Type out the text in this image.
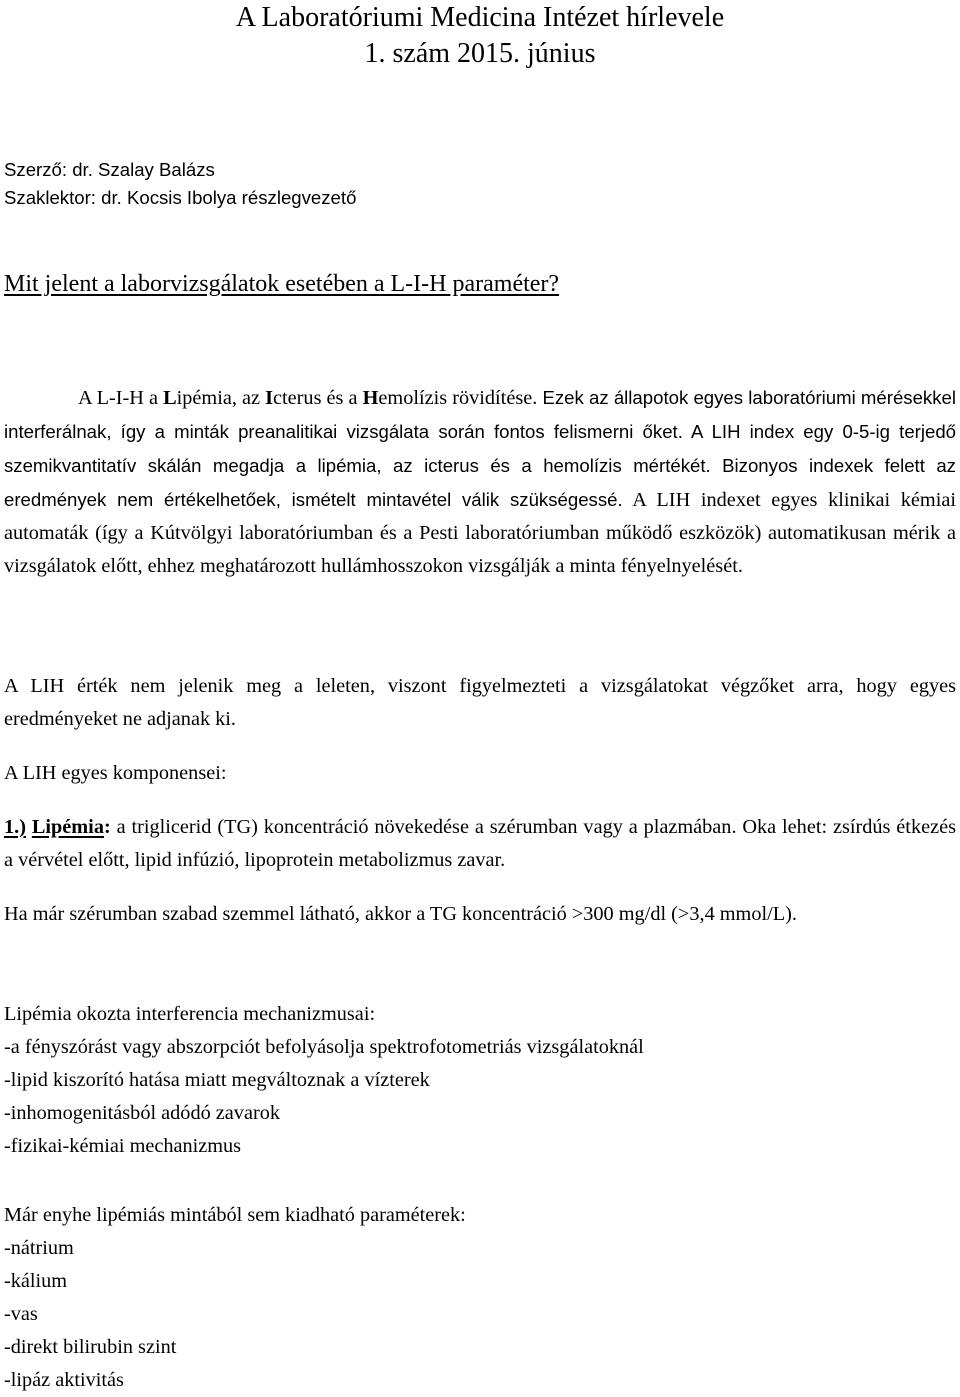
A Laboratóriumi Medicina Intézet hírlevele
1. szám 2015. június
Szerző: dr. Szalay Balázs
Szaklektor: dr. Kocsis Ibolya részlegvezető
Mit jelent a laborvizsgálatok esetében a L-I-H paraméter?

A L-I-H a Lipémia, az Icterus és a Hemolízis rövidítése. Ezek az állapotok egyes laboratóriumi mérésekkel interferálnak, így a minták preanalitikai vizsgálata során fontos felismerni őket. A LIH index egy 0-5-ig terjedő szemikvantitatív skálán megadja a lipémia, az icterus és a hemolízis mértékét. Bizonyos indexek felett az eredmények nem értékelhetőek, ismételt mintavétel válik szükségessé. A LIH indexet egyes klinikai kémiai automaták (így a Kútvölgyi laboratóriumban és a Pesti laboratóriumban működő eszközök) automatikusan mérik a vizsgálatok előtt, ehhez meghatározott hullámhosszokon vizsgálják a minta fényelnyelését.

A LIH érték nem jelenik meg a leleten, viszont figyelmezteti a vizsgálatokat végzőket arra, hogy egyes eredményeket ne adjanak ki.

A LIH egyes komponensei:

1.) Lipémia: a triglicerid (TG) koncentráció növekedése a szérumban vagy a plazmában. Oka lehet: zsírdús étkezés a vérvétel előtt, lipid infúzió, lipoprotein metabolizmus zavar.

Ha már szérumban szabad szemmel látható, akkor a TG koncentráció >300 mg/dl (>3,4 mmol/L).

Lipémia okozta interferencia mechanizmusai:
-a fényszórást vagy abszorpciót befolyásolja spektrofotometriás vizsgálatoknál
-lipid kiszorító hatása miatt megváltoznak a vízterek
-inhomogenitásból adódó zavarok
-fizikai-kémiai mechanizmus
Már enyhe lipémiás mintából sem kiadható paraméterek:
-nátrium
-kálium
-vas
-direkt bilirubin szint
-lipáz aktivitás
